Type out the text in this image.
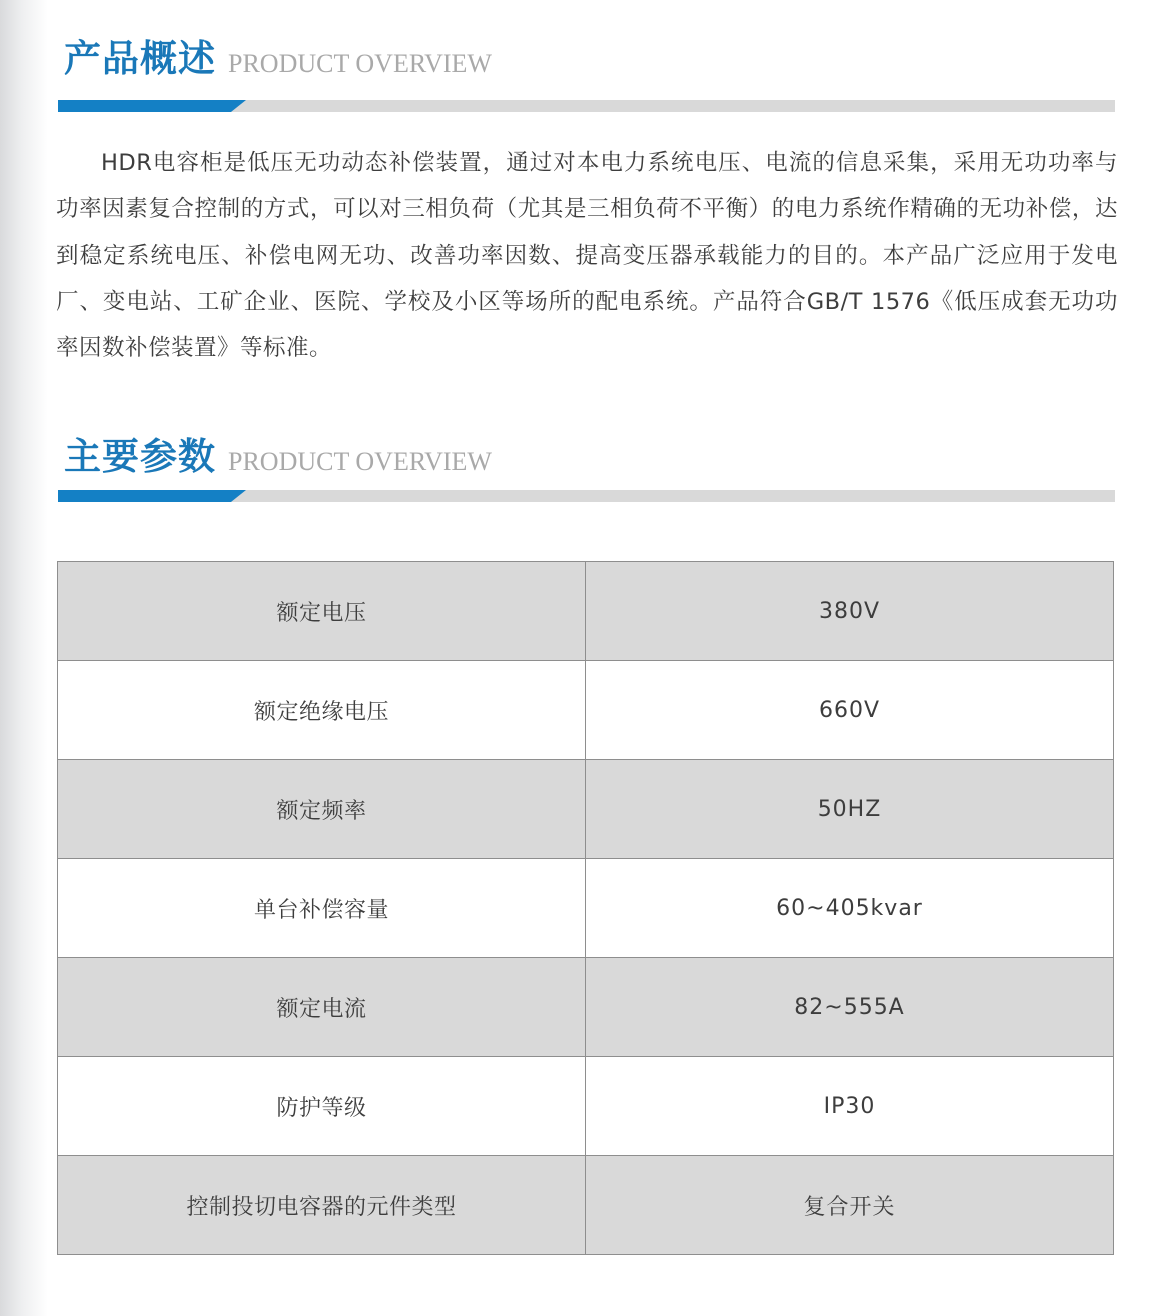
产品概述 PRODUCT OVERVIEW

HDR电容柜是低压无功动态补偿装置，通过对本电力系统电压、电流的信息采集，采用无功功率与功率因素复合控制的方式，可以对三相负荷（尤其是三相负荷不平衡）的电力系统作精确的无功补偿，达到稳定系统电压、补偿电网无功、改善功率因数、提高变压器承载能力的目的。本产品广泛应用于发电厂、变电站、工矿企业、医院、学校及小区等场所的配电系统。产品符合GB/T 1576《低压成套无功功率因数补偿装置》等标准。

主要参数 PRODUCT OVERVIEW
额定电压	380V
额定绝缘电压	660V
额定频率	50HZ
单台补偿容量	60~405kvar
额定电流	82~555A
防护等级	IP30
控制投切电容器的元件类型	复合开关
